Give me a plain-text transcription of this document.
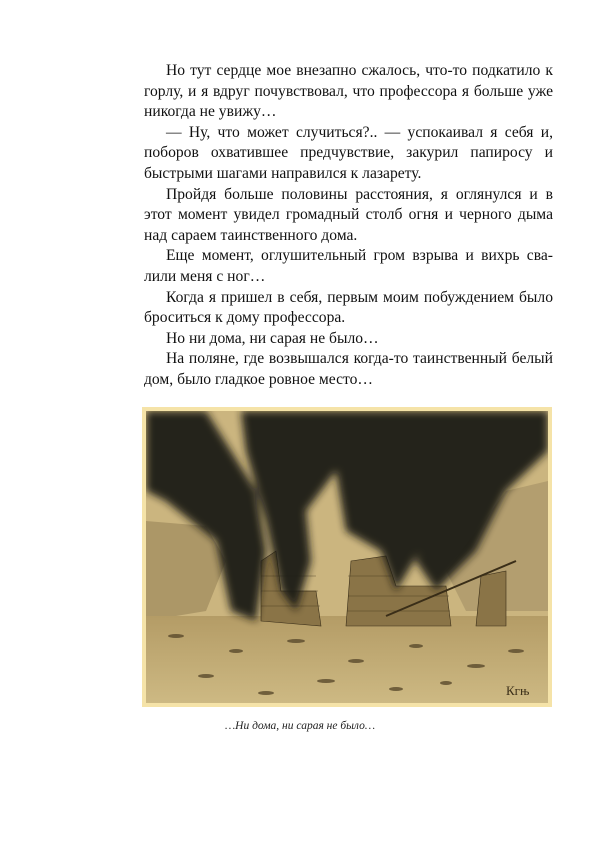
Но тут сердце мое внезапно сжалось, что-то подкатило к горлу, и я вдруг почувствовал, что профессора я больше уже никогда не увижу…

— Ну, что может случиться?.. — успокаивал я себя и, поборов охватившее предчувствие, закурил папиросу и быстрыми шагами направился к лазарету.

Пройдя больше половины расстояния, я оглянулся и в этот момент увидел громадный столб огня и черного дыма над сараем таинственного дома.

Еще момент, оглушительный гром взрыва и вихрь свалили меня с ног…

Когда я пришел в себя, первым моим побуждением было броситься к дому профессора.

Но ни дома, ни сарая не было…

На поляне, где возвышался когда-то таинственный белый дом, было гладкое ровное место…

Кгњ
…Ни дома, ни сарая не было…
